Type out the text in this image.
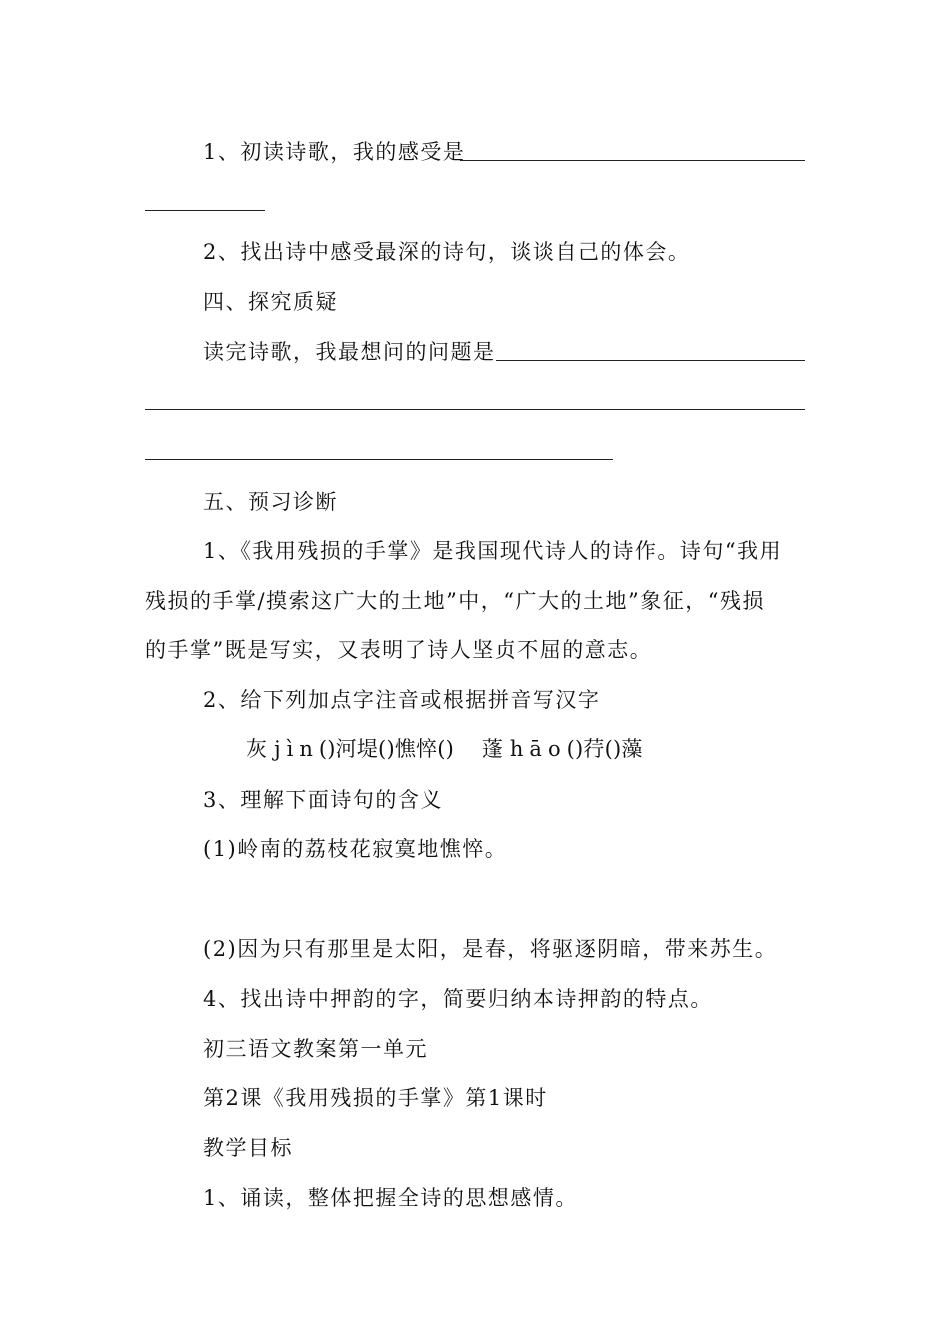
1、初读诗歌，我的感受是
2、找出诗中感受最深的诗句，谈谈自己的体会。
四、探究质疑
读完诗歌，我最想问的问题是
五、预习诊断
1、《我用残损的手掌》是我国现代诗人的诗作。诗句“我用
残损的手掌/摸索这广大的土地”中，“广大的土地”象征，“残损
的手掌”既是写实，又表明了诗人坚贞不屈的意志。
2、给下列加点字注音或根据拼音写汉字
灰 jìn()河堤()憔悴() 蓬 hāo()荇()藻
3、理解下面诗句的含义
(1)岭南的荔枝花寂寞地憔悴。
(2)因为只有那里是太阳，是春，将驱逐阴暗，带来苏生。
4、找出诗中押韵的字，简要归纳本诗押韵的特点。
初三语文教案第一单元
第2课《我用残损的手掌》第1课时
教学目标
1、诵读，整体把握全诗的思想感情。
